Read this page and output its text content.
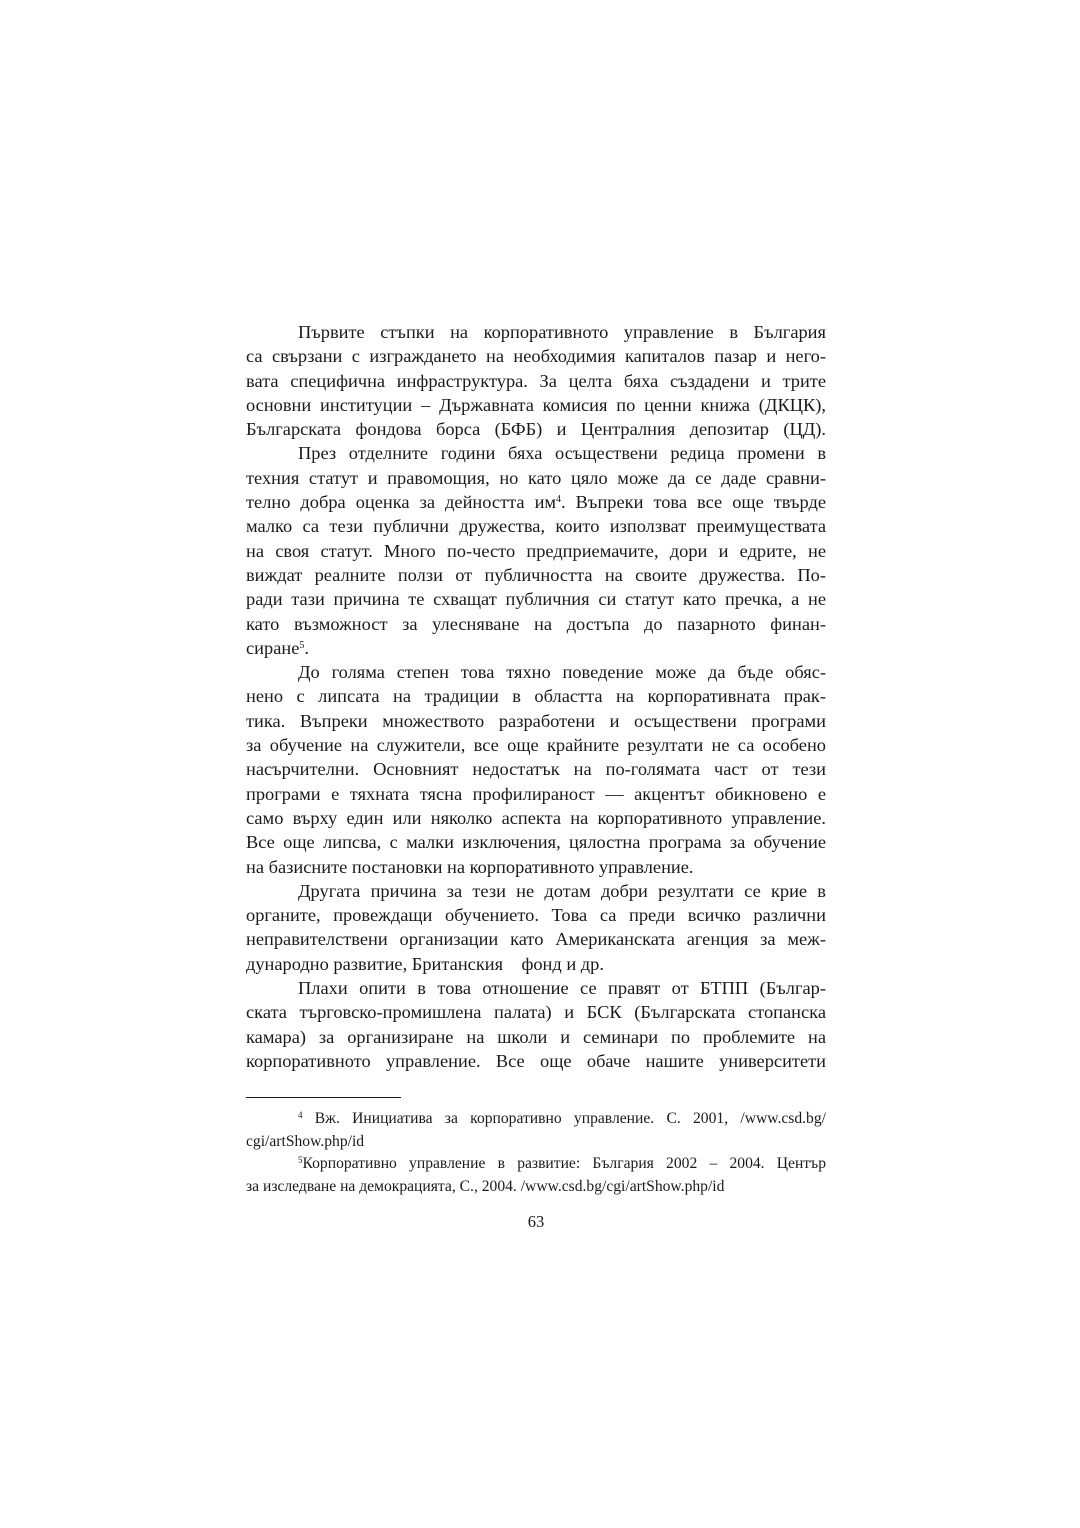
Първите стъпки на корпоративното управление в България
са свързани с изграждането на необходимия капиталов пазар и него-
вата специфична инфраструктура. За целта бяха създадени и трите
основни институции – Държавната комисия по ценни книжа (ДКЦК),
Българската фондова борса (БФБ) и Централния депозитар (ЦД).

През отделните години бяха осъществени редица промени в
техния статут и правомощия, но като цяло може да се даде сравни-
телно добра оценка за дейността $им^4$. Въпреки това все още твърде
малко са тези публични дружества, които използват преимуществата
на своя статут. Много по-често предприемачите, дори и едрите, не
виждат реалните ползи от публичността на своите дружества. По-
ради тази причина те схващат публичния си статут като пречка, а не
като възможност за улесняване на достъпа до пазарното финан-
сиране$^5$.

До голяма степен това тяхно поведение може да бъде обяс-
нено с липсата на традиции в областта на корпоративната прак-
тика. Въпреки множеството разработени и осъществени програми
за обучение на служители, все още крайните резултати не са особено
насърчителни. Основният недостатък на по-голямата част от тези
програми е тяхната тясна профилираност — акцентът обикновено е
само върху един или няколко аспекта на корпоративното управление.
Все още липсва, с малки изключения, цялостна програма за обучение
на базисните постановки на корпоративното управление.

Другата причина за тези не дотам добри резултати се крие в
органите, провеждащи обучението. Това са преди всичко различни
неправителствени организации като Американската агенция за меж-
дународно развитие, Британския    фонд и др.

Плахи опити в това отношение се правят от БТПП (Българ-
ската търговско-промишлена палата) и БСК (Българската стопанска
камара) за организиране на школи и семинари по проблемите на
корпоративното управление. Все още обаче нашите университети

$^4$ Вж. Инициатива за корпоративно управление. С. 2001, /www.csd.bg/
cgi/artShow.php/id
$^5$Корпоративно управление в развитие: България 2002 – 2004. Център
за изследване на демокрацията, С., 2004. /www.csd.bg/cgi/artShow.php/id
63
